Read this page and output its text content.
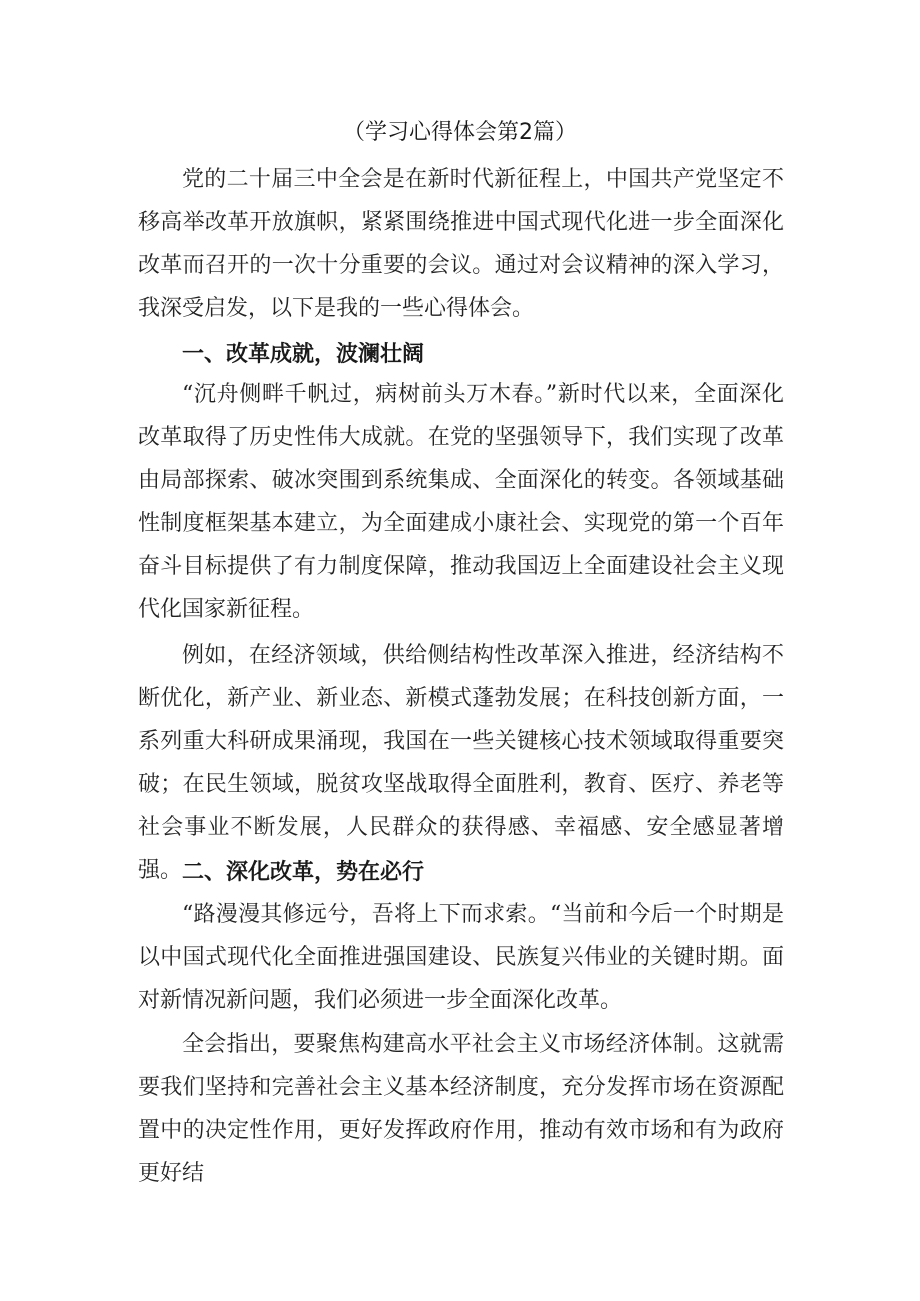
（学习心得体会第2篇）

党的二十届三中全会是在新时代新征程上，中国共产党坚定不移高举改革开放旗帜，紧紧围绕推进中国式现代化进一步全面深化改革而召开的一次十分重要的会议。通过对会议精神的深入学习，我深受启发，以下是我的一些心得体会。

一、改革成就，波澜壮阔

“沉舟侧畔千帆过，病树前头万木春。”新时代以来，全面深化改革取得了历史性伟大成就。在党的坚强领导下，我们实现了改革由局部探索、破冰突围到系统集成、全面深化的转变。各领域基础性制度框架基本建立，为全面建成小康社会、实现党的第一个百年奋斗目标提供了有力制度保障，推动我国迈上全面建设社会主义现代化国家新征程。

例如，在经济领域，供给侧结构性改革深入推进，经济结构不断优化，新产业、新业态、新模式蓬勃发展；在科技创新方面，一系列重大科研成果涌现，我国在一些关键核心技术领域取得重要突破；在民生领域，脱贫攻坚战取得全面胜利，教育、医疗、养老等社会事业不断发展，人民群众的获得感、幸福感、安全感显著增强。 二、深化改革，势在必行

“路漫漫其修远兮，吾将上下而求索。“当前和今后一个时期是以中国式现代化全面推进强国建设、民族复兴伟业的关键时期。面对新情况新问题，我们必须进一步全面深化改革。

全会指出，要聚焦构建高水平社会主义市场经济体制。这就需要我们坚持和完善社会主义基本经济制度，充分发挥市场在资源配置中的决定性作用，更好发挥政府作用，推动有效市场和有为政府更好结
